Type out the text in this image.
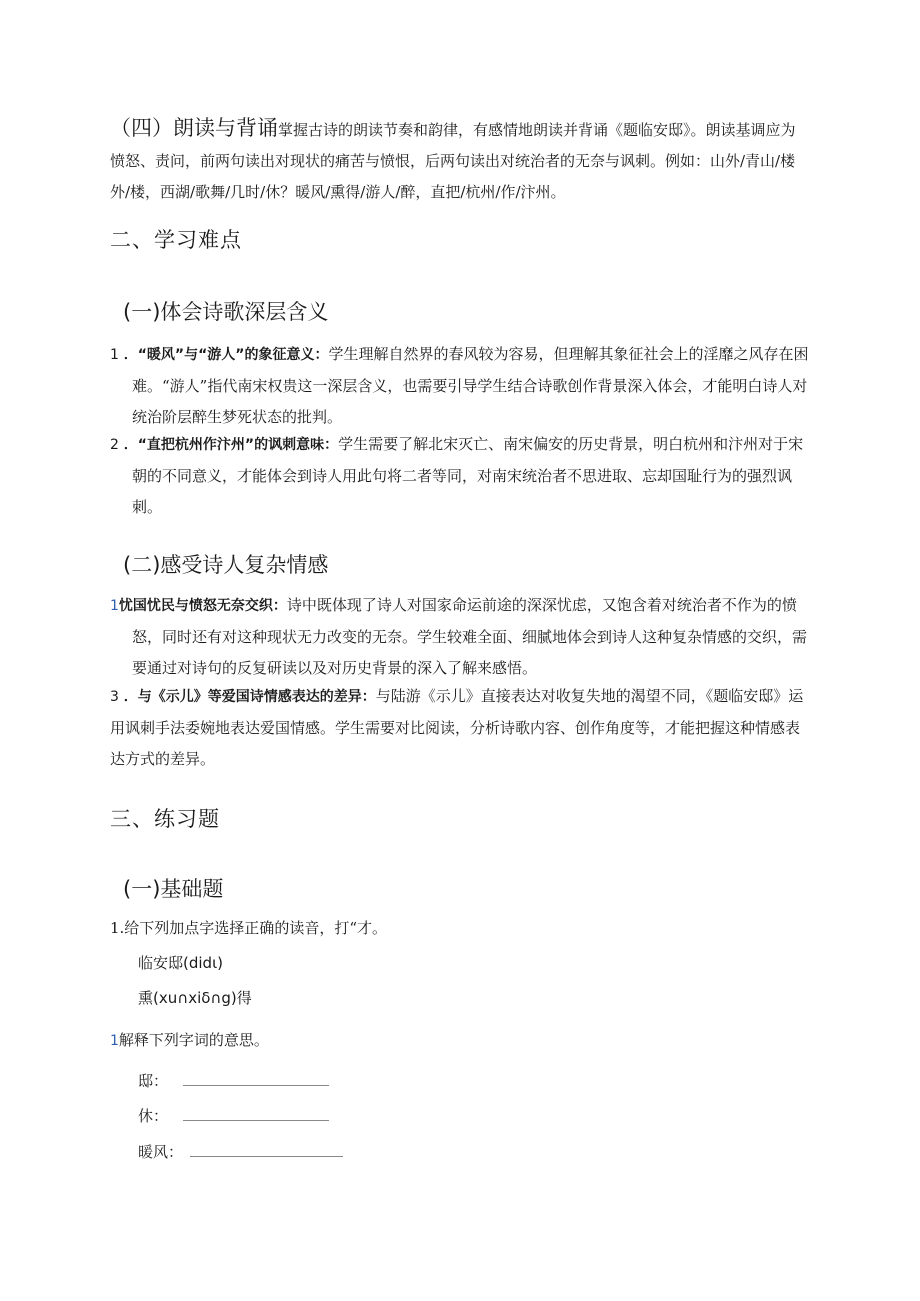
（四）朗读与背诵掌握古诗的朗读节奏和韵律，有感情地朗读并背诵《题临安邸》。朗读基调应为愤怒、责问，前两句读出对现状的痛苦与愤恨，后两句读出对统治者的无奈与讽刺。例如：山外/青山/楼外/楼，西湖/歌舞/几时/休？暖风/熏得/游人/醉，直把/杭州/作/汴州。
二、学习难点
(一)体会诗歌深层含义
1 ．“暖风”与“游人”的象征意义：学生理解自然界的春风较为容易，但理解其象征社会上的淫靡之风存在困难。“游人”指代南宋权贵这一深层含义，也需要引导学生结合诗歌创作背景深入体会，才能明白诗人对统治阶层醉生梦死状态的批判。
2 ．“直把杭州作汴州”的讽刺意味：学生需要了解北宋灭亡、南宋偏安的历史背景，明白杭州和汴州对于宋朝的不同意义，才能体会到诗人用此句将二者等同，对南宋统治者不思进取、忘却国耻行为的强烈讽刺。
(二)感受诗人复杂情感
1忧国忧民与愤怒无奈交织：诗中既体现了诗人对国家命运前途的深深忧虑，又饱含着对统治者不作为的愤怒，同时还有对这种现状无力改变的无奈。学生较难全面、细腻地体会到诗人这种复杂情感的交织，需要通过对诗句的反复研读以及对历史背景的深入了解来感悟。
3 ．与《示儿》等爱国诗情感表达的差异：与陆游《示儿》直接表达对收复失地的渴望不同，《题临安邸》运用讽刺手法委婉地表达爱国情感。学生需要对比阅读，分析诗歌内容、创作角度等，才能把握这种情感表达方式的差异。
三、练习题
(一)基础题
1.给下列加点字选择正确的读音，打“才。
临安邸(didι)
熏(xu∩xiδ∩g)得
1解释下列字词的意思。
邸：
休：
暖风：
